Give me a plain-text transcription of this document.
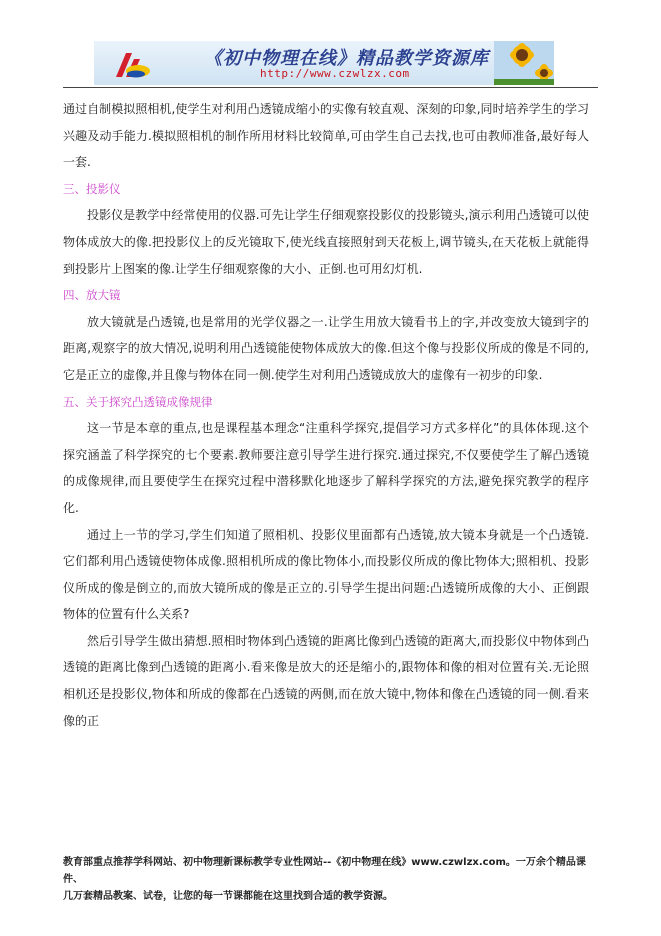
《初中物理在线》精品教学资源库
http://www.czwlzx.com

通过自制模拟照相机,使学生对利用凸透镜成缩小的实像有较直观、深刻的印象,同时培养学生的学习兴趣及动手能力.模拟照相机的制作所用材料比较简单,可由学生自己去找,也可由教师准备,最好每人一套.

三、投影仪

投影仪是教学中经常使用的仪器.可先让学生仔细观察投影仪的投影镜头,演示利用凸透镜可以使物体成放大的像.把投影仪上的反光镜取下,使光线直接照射到天花板上,调节镜头,在天花板上就能得到投影片上图案的像.让学生仔细观察像的大小、正倒.也可用幻灯机.

四、放大镜

放大镜就是凸透镜,也是常用的光学仪器之一.让学生用放大镜看书上的字,并改变放大镜到字的距离,观察字的放大情况,说明利用凸透镜能使物体成放大的像.但这个像与投影仪所成的像是不同的,它是正立的虚像,并且像与物体在同一侧.使学生对利用凸透镜成放大的虚像有一初步的印象.

五、关于探究凸透镜成像规律

这一节是本章的重点,也是课程基本理念“注重科学探究,提倡学习方式多样化”的具体体现.这个探究涵盖了科学探究的七个要素.教师要注意引导学生进行探究.通过探究,不仅要使学生了解凸透镜的成像规律,而且要使学生在探究过程中潜移默化地逐步了解科学探究的方法,避免探究教学的程序化.

通过上一节的学习,学生们知道了照相机、投影仪里面都有凸透镜,放大镜本身就是一个凸透镜.它们都利用凸透镜使物体成像.照相机所成的像比物体小,而投影仪所成的像比物体大;照相机、投影仪所成的像是倒立的,而放大镜所成的像是正立的.引导学生提出问题:凸透镜所成像的大小、正倒跟物体的位置有什么关系?

然后引导学生做出猜想.照相时物体到凸透镜的距离比像到凸透镜的距离大,而投影仪中物体到凸透镜的距离比像到凸透镜的距离小.看来像是放大的还是缩小的,跟物体和像的相对位置有关.无论照相机还是投影仪,物体和所成的像都在凸透镜的两侧,而在放大镜中,物体和像在凸透镜的同一侧.看来像的正

教育部重点推荐学科网站、初中物理新课标教学专业性网站--《初中物理在线》www.czwlzx.com。一万余个精品课件、
几万套精品教案、试卷，让您的每一节课都能在这里找到合适的教学资源。
